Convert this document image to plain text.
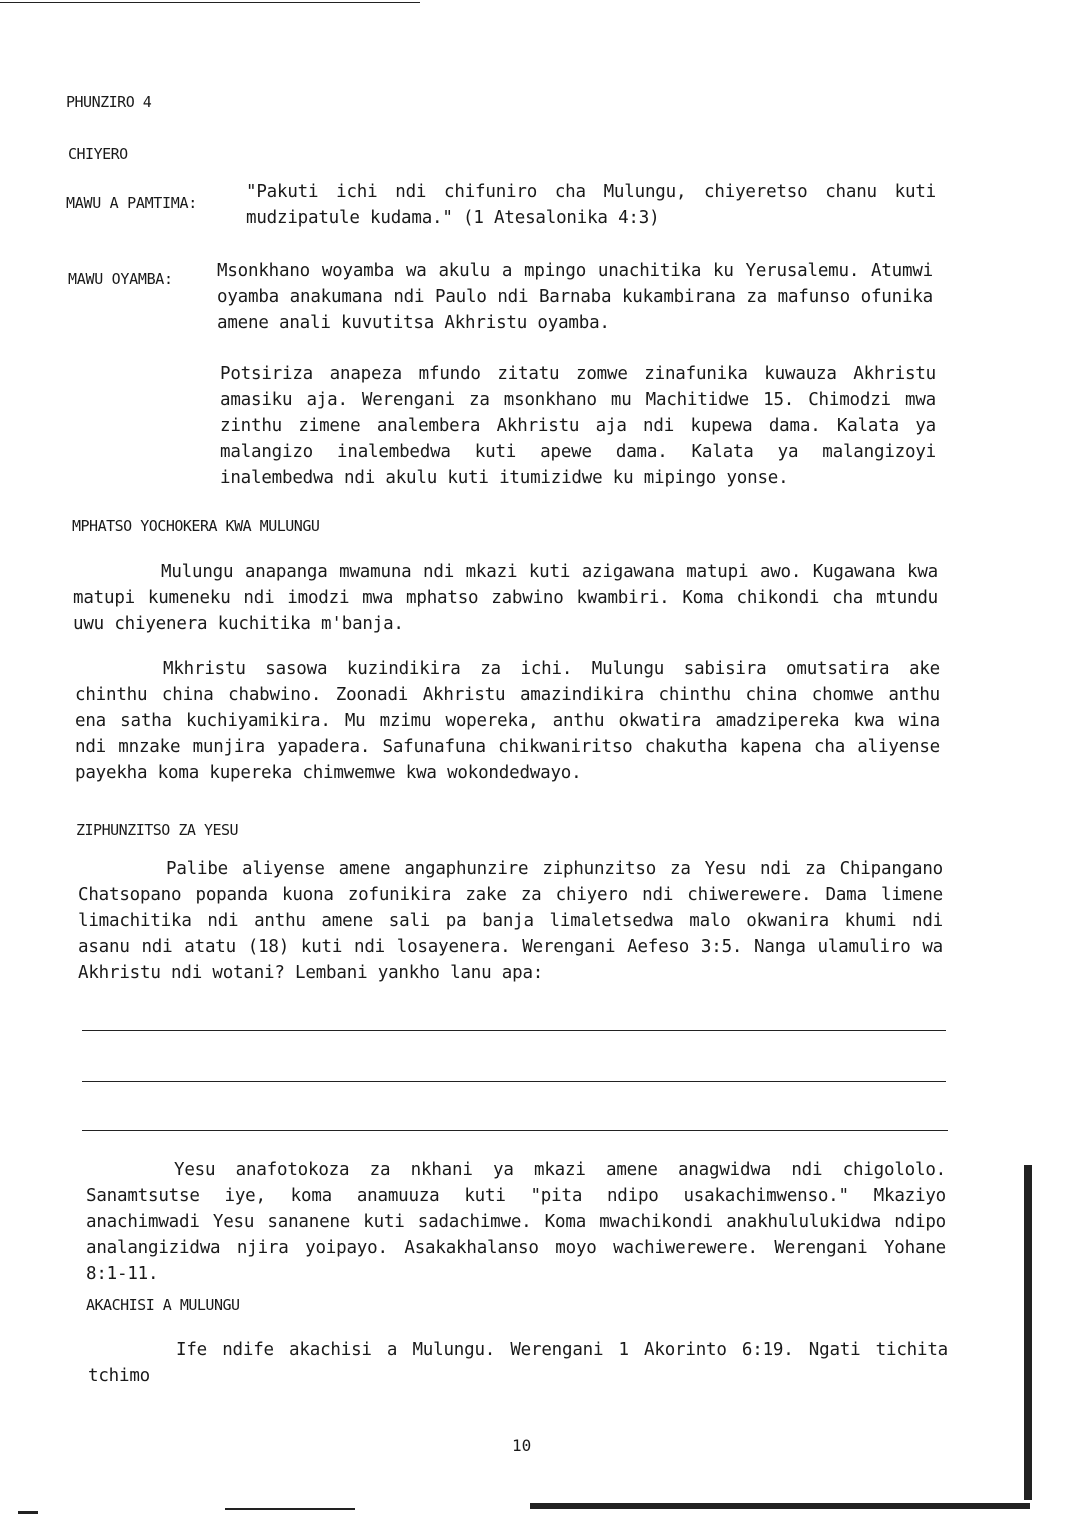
PHUNZIRO 4
CHIYERO
MAWU A PAMTIMA:
"Pakuti ichi ndi chifuniro cha Mulungu, chiyeretso chanu kuti mudzipatule kudama." (1 Atesalonika 4:3)
MAWU OYAMBA:	Msonkhano woyamba wa akulu a mpingo unachitika ku Yerusalemu. Atumwi oyamba anakumana ndi Paulo ndi Barnaba kukambirana za mafunso ofunika amene anali kuvutitsa Akhristu oyamba.
Potsiriza anapeza mfundo zitatu zomwe zinafunika kuwauza Akhristu amasiku aja. Werengani za msonkhano mu Machitidwe 15. Chimodzi mwa zinthu zimene analembera Akhristu aja ndi kupewa dama. Kalata ya malangizo inalembedwa kuti apewe dama. Kalata ya malangizoyi inalembedwa ndi akulu kuti itumizidwe ku mipingo yonse.
MPHATSO YOCHOKERA KWA MULUNGU
Mulungu anapanga mwamuna ndi mkazi kuti azigawana matupi awo. Kugawana kwa matupi kumeneku ndi imodzi mwa mphatso zabwino kwambiri. Koma chikondi cha mtundu uwu chiyenera kuchitika m'banja.
Mkhristu sasowa kuzindikira za ichi. Mulungu sabisira omutsatira ake chinthu china chabwino. Zoonadi Akhristu amazindikira chinthu china chomwe anthu ena satha kuchiyamikira. Mu mzimu wopereka, anthu okwatira amadzipereka kwa wina ndi mnzake munjira yapadera. Safunafuna chikwaniritso chakutha kapena cha aliyense payekha koma kupereka chimwemwe kwa wokondedwayo.
ZIPHUNZITSO ZA YESU
Palibe aliyense amene angaphunzire ziphunzitso za Yesu ndi za Chipangano Chatsopano popanda kuona zofunikira zake za chiyero ndi chiwerewere. Dama limene limachitika ndi anthu amene sali pa banja limaletsedwa malo okwanira khumi ndi asanu ndi atatu (18) kuti ndi losayenera. Werengani Aefeso 3:5. Nanga ulamuliro wa Akhristu ndi wotani? Lembani yankho lanu apa:
Yesu anafotokoza za nkhani ya mkazi amene anagwidwa ndi chigololo. Sanamtsutse iye, koma anamuuza kuti "pita ndipo usakachimwenso." Mkaziyo anachimwadi Yesu sananene kuti sadachimwe. Koma mwachikondi anakhululukidwa ndipo analangizidwa njira yoipayo. Asakakhalanso moyo wachiwerewere. Werengani Yohane 8:1-11.
AKACHISI A MULUNGU
Ife ndife akachisi a Mulungu. Werengani 1 Akorinto 6:19. Ngati tichita tchimo
10
